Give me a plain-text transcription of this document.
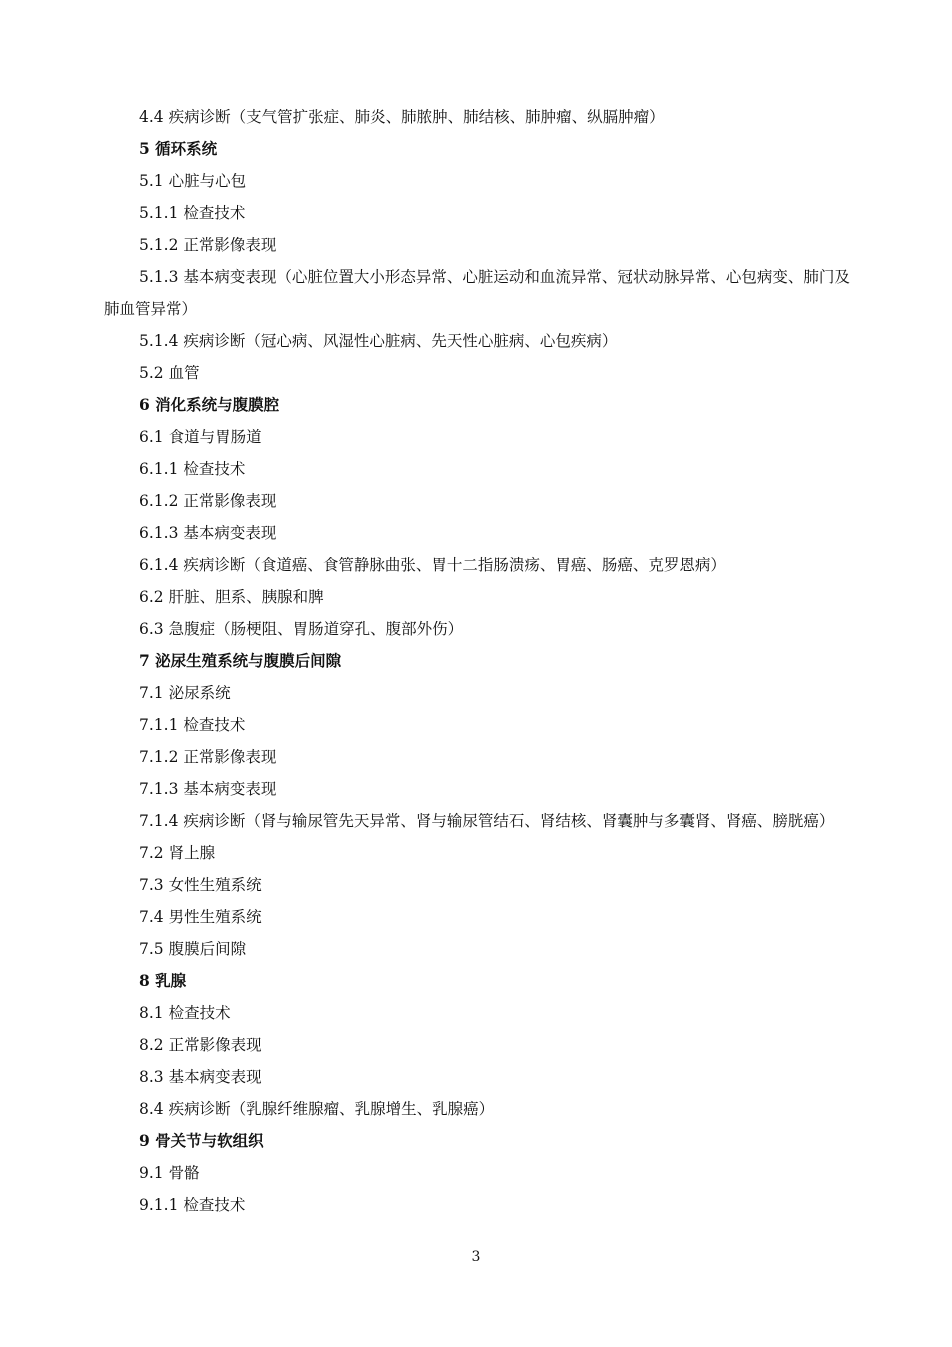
4.4 疾病诊断（支气管扩张症、肺炎、肺脓肿、肺结核、肺肿瘤、纵膈肿瘤）
5 循环系统
5.1 心脏与心包
5.1.1 检查技术
5.1.2 正常影像表现
5.1.3 基本病变表现（心脏位置大小形态异常、心脏运动和血流异常、冠状动脉异常、心包病变、肺门及肺血管异常）
5.1.4 疾病诊断（冠心病、风湿性心脏病、先天性心脏病、心包疾病）
5.2 血管
6 消化系统与腹膜腔
6.1 食道与胃肠道
6.1.1 检查技术
6.1.2 正常影像表现
6.1.3 基本病变表现
6.1.4 疾病诊断（食道癌、食管静脉曲张、胃十二指肠溃疡、胃癌、肠癌、克罗恩病）
6.2 肝脏、胆系、胰腺和脾
6.3 急腹症（肠梗阻、胃肠道穿孔、腹部外伤）
7 泌尿生殖系统与腹膜后间隙
7.1 泌尿系统
7.1.1 检查技术
7.1.2 正常影像表现
7.1.3 基本病变表现
7.1.4 疾病诊断（肾与输尿管先天异常、肾与输尿管结石、肾结核、肾囊肿与多囊肾、肾癌、膀胱癌）
7.2 肾上腺
7.3 女性生殖系统
7.4 男性生殖系统
7.5 腹膜后间隙
8 乳腺
8.1 检查技术
8.2 正常影像表现
8.3 基本病变表现
8.4 疾病诊断（乳腺纤维腺瘤、乳腺增生、乳腺癌）
9 骨关节与软组织
9.1 骨骼
9.1.1 检查技术
3
